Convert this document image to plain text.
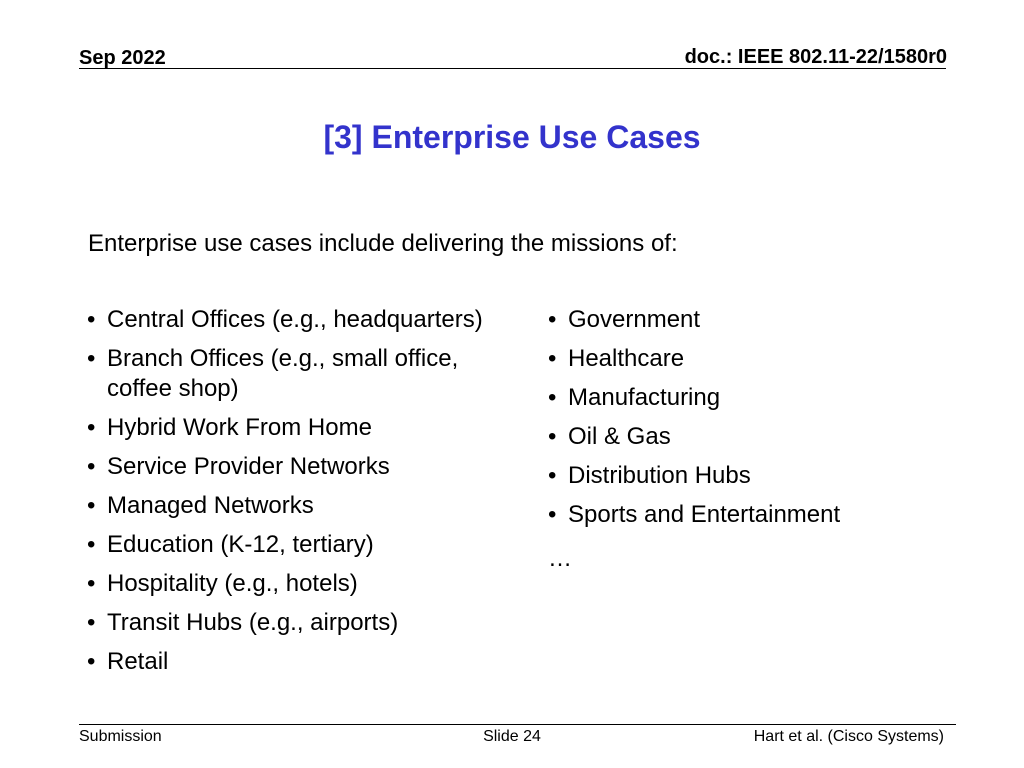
Sep 2022	doc.: IEEE 802.11-22/1580r0
[3] Enterprise Use Cases
Enterprise use cases include delivering the missions of:
• Central Offices (e.g., headquarters)
• Branch Offices (e.g., small office, coffee shop)
• Hybrid Work From Home
• Service Provider Networks
• Managed Networks
• Education (K-12, tertiary)
• Hospitality (e.g., hotels)
• Transit Hubs (e.g., airports)
• Retail
• Government
• Healthcare
• Manufacturing
• Oil & Gas
• Distribution Hubs
• Sports and Entertainment
…
Submission	Slide 24	Hart et al. (Cisco Systems)
